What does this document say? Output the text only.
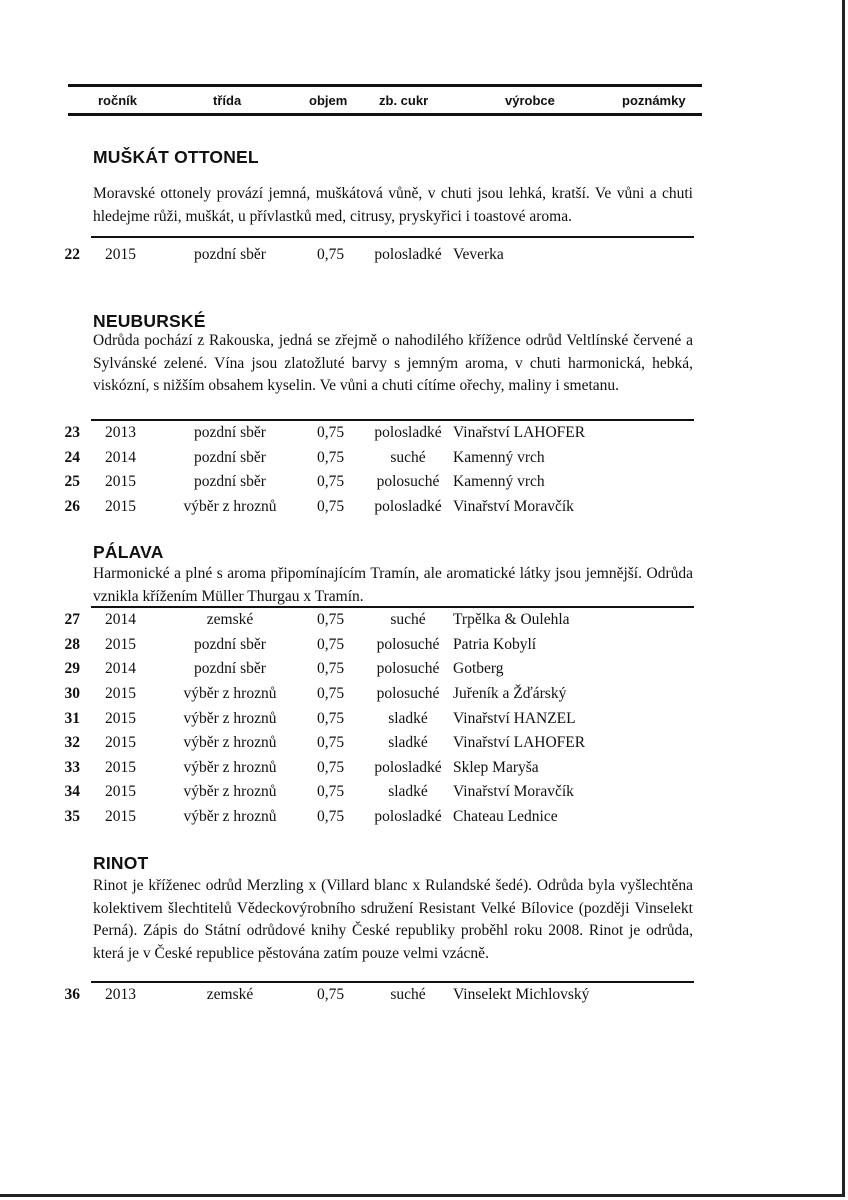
ročník	třída	objem zb. cukr	výrobce	poznámky
MUŠKÁT OTTONEL
Moravské ottonely provází jemná, muškátová vůně, v chuti jsou lehká, kratší. Ve vůni a chuti hledejme růži, muškát, u přívlastků med, citrusy, pryskyřici i toastové aroma.
22 2015	pozdní sběr	0,75	polosladké Veverka
NEUBURSKÉ
Odrůda pochází z Rakouska, jedná se zřejmě o nahodilého křížence odrůd Veltlínské červené a Sylvánské zelené. Vína jsou zlatožluté barvy s jemným aroma, v chuti harmonická, hebká, viskózní, s nižším obsahem kyselin. Ve vůni a chuti cítíme ořechy, maliny i smetanu.
23 2013	pozdní sběr	0,75	polosladké Vinařství LAHOFER
24 2014	pozdní sběr	0,75	suché	Kamenný vrch
25 2015	pozdní sběr	0,75	polosuché Kamenný vrch
26 2015	výběr z hroznů	0,75	polosladké Vinařství Moravčík
PÁLAVA
Harmonické a plné s aroma připomínajícím Tramín, ale aromatické látky jsou jemnější. Odrůda vznikla křížením Müller Thurgau x Tramín.
27 2014	zemské	0,75	suché	Trpělka & Oulehla
28 2015	pozdní sběr	0,75	polosuché Patria Kobylí
29 2014	pozdní sběr	0,75	polosuché Gotberg
30 2015	výběr z hroznů	0,75	polosuché Juřeník a Žďárský
31 2015	výběr z hroznů	0,75	sladké	Vinařství HANZEL
32 2015	výběr z hroznů	0,75	sladké	Vinařství LAHOFER
33 2015	výběr z hroznů	0,75	polosladké Sklep Maryša
34 2015	výběr z hroznů	0,75	sladké	Vinařství Moravčík
35 2015	výběr z hroznů	0,75	polosladké Chateau Lednice
RINOT
Rinot je kříženec odrůd Merzling x (Villard blanc x Rulandské šedé). Odrůda byla vyšlechtěna kolektivem šlechtitelů Vědeckovýrobního sdružení Resistant Velké Bílovice (později Vinselekt Perná). Zápis do Státní odrůdové knihy České republiky proběhl roku 2008. Rinot je odrůda, která je v České republice pěstována zatím pouze velmi vzácně.
36 2013	zemské	0,75	suché	Vinselekt Michlovský
